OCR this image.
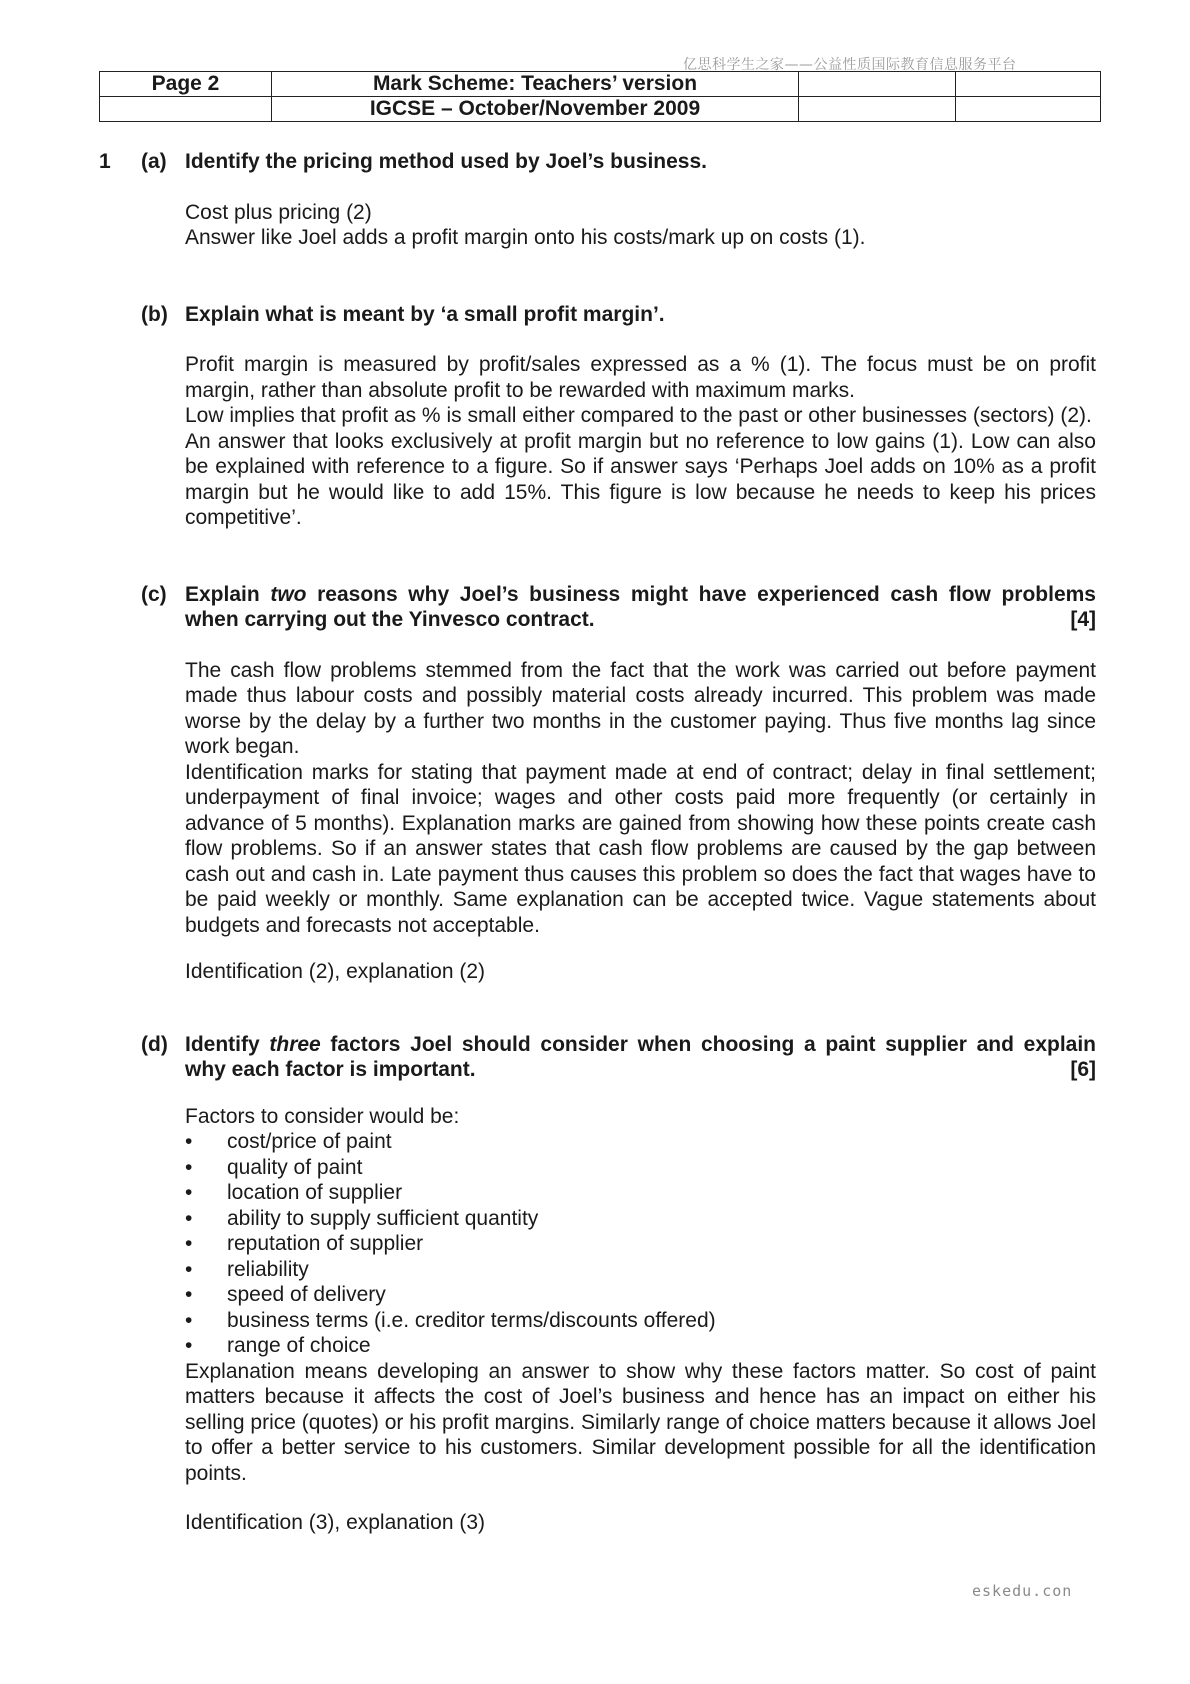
亿思科学生之家——公益性质国际教育信息服务平台
Page 2	Mark Scheme: Teachers’ version		
	IGCSE – October/November 2009		
1	(a) Identify the pricing method used by Joel’s business.

Cost plus pricing (2)

Answer like Joel adds a profit margin onto his costs/mark up on costs (1).

(b) Explain what is meant by ‘a small profit margin’.

Profit margin is measured by profit/sales expressed as a % (1). The focus must be on profit margin, rather than absolute profit to be rewarded with maximum marks.

Low implies that profit as % is small either compared to the past or other businesses (sectors) (2).

An answer that looks exclusively at profit margin but no reference to low gains (1). Low can also be explained with reference to a figure. So if answer says ‘Perhaps Joel adds on 10% as a profit margin but he would like to add 15%. This figure is low because he needs to keep his prices competitive’.

(c) Explain two reasons why Joel’s business might have experienced cash flow problems when carrying out the Yinvesco contract.	[4]

The cash flow problems stemmed from the fact that the work was carried out before payment made thus labour costs and possibly material costs already incurred. This problem was made worse by the delay by a further two months in the customer paying. Thus five months lag since work began.

Identification marks for stating that payment made at end of contract; delay in final settlement; underpayment of final invoice; wages and other costs paid more frequently (or certainly in advance of 5 months). Explanation marks are gained from showing how these points create cash flow problems. So if an answer states that cash flow problems are caused by the gap between cash out and cash in. Late payment thus causes this problem so does the fact that wages have to be paid weekly or monthly. Same explanation can be accepted twice. Vague statements about budgets and forecasts not acceptable.

Identification (2), explanation (2)

(d) Identify three factors Joel should consider when choosing a paint supplier and explain why each factor is important.	[6]

Factors to consider would be:

• cost/price of paint
• quality of paint
• location of supplier
• ability to supply sufficient quantity
• reputation of supplier
• reliability
• speed of delivery
• business terms (i.e. creditor terms/discounts offered)
• range of choice

Explanation means developing an answer to show why these factors matter. So cost of paint matters because it affects the cost of Joel’s business and hence has an impact on either his selling price (quotes) or his profit margins. Similarly range of choice matters because it allows Joel to offer a better service to his customers. Similar development possible for all the identification points.

Identification (3), explanation (3)

eskedu.con
